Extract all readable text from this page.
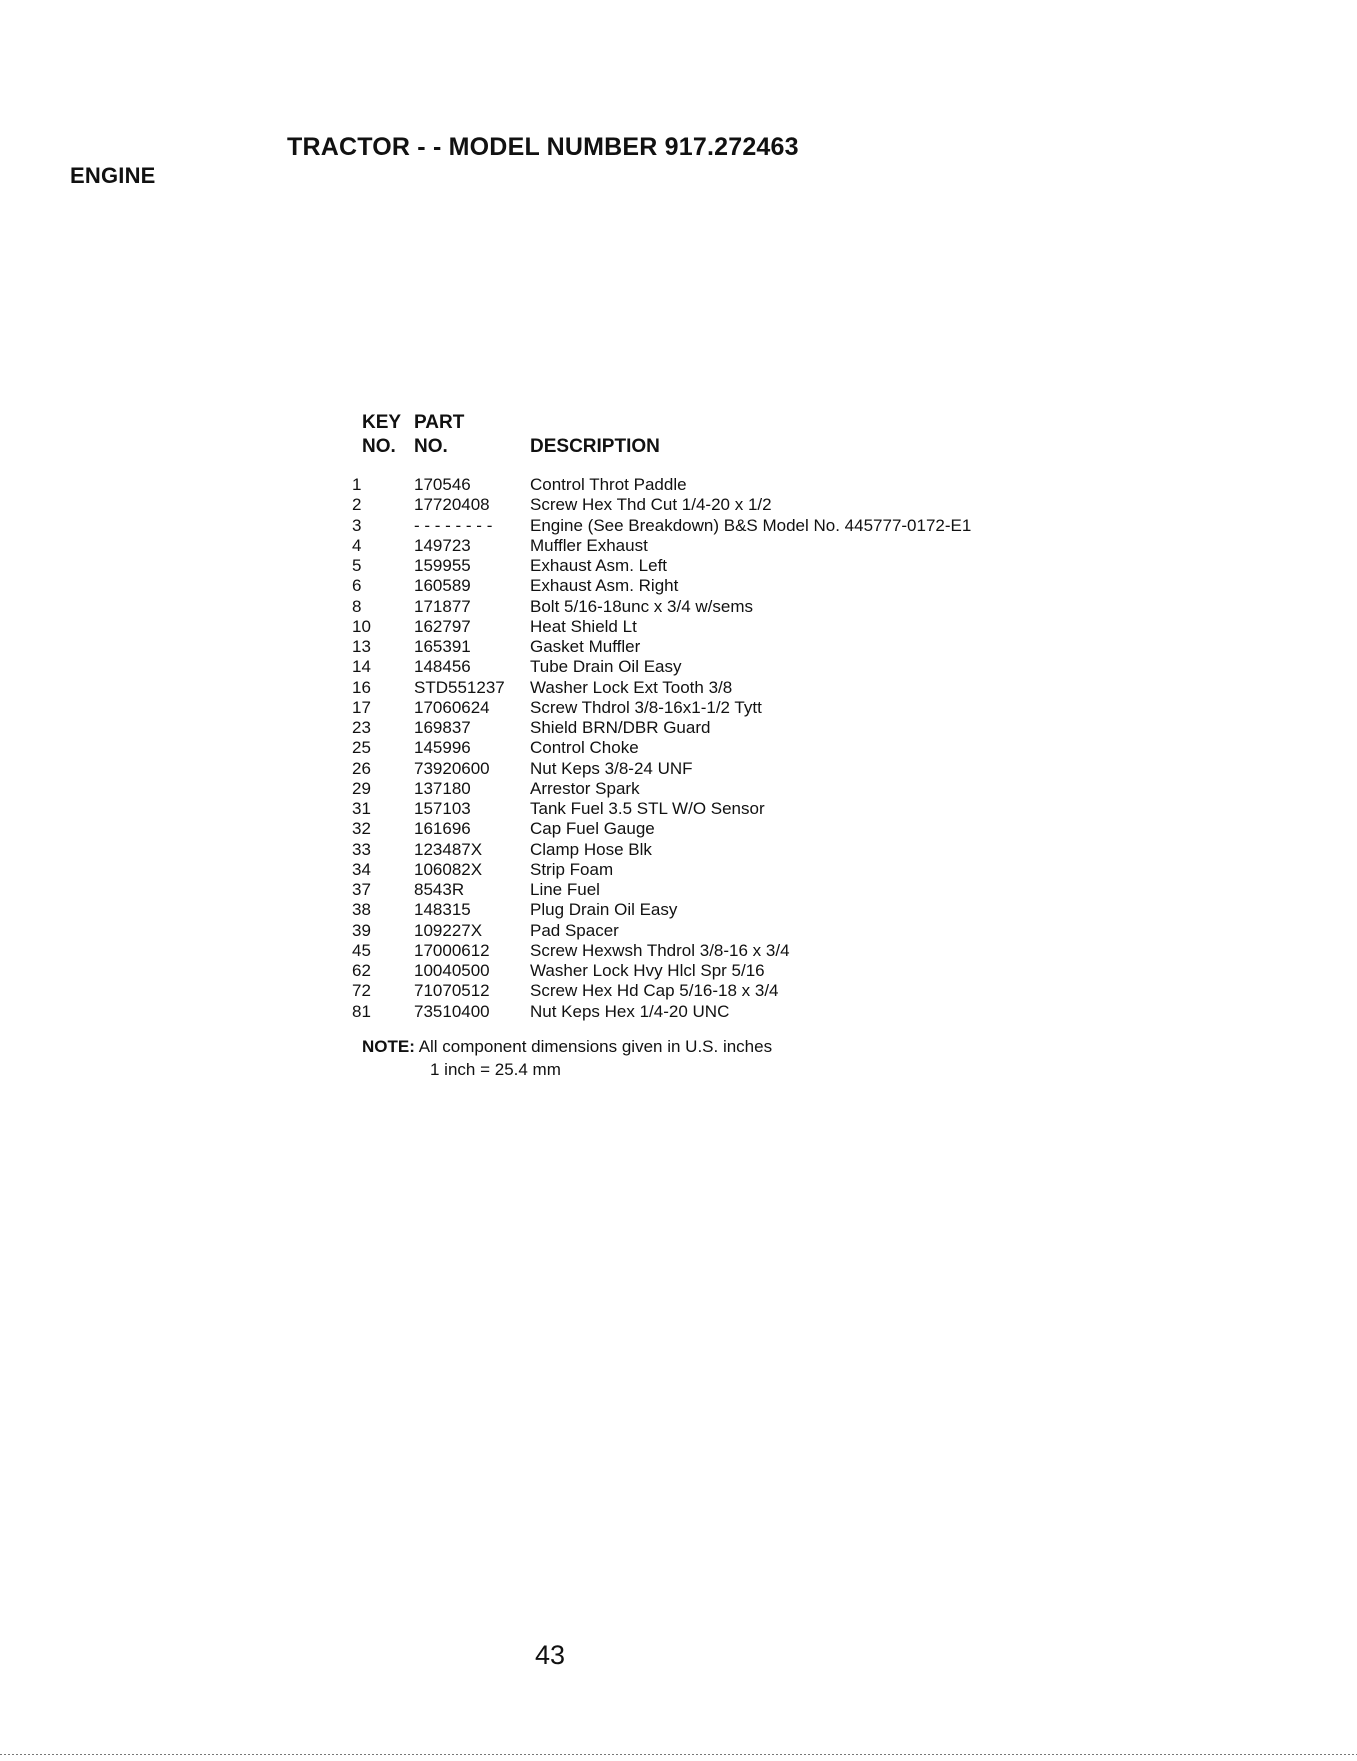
ENGINE
TRACTOR - - MODEL NUMBER 917.272463
KEY
NO.
PART
NO.	DESCRIPTION
1	170546	Control Throt Paddle
2	17720408 Screw Hex Thd Cut 1/4-20 x 1/2
3	- - - - - - - - Engine (See Breakdown) B&S Model No. 445777-0172-E1
4	149723	Muffler Exhaust
5	159955	Exhaust Asm. Left
6	160589	Exhaust Asm. Right
8	171877	Bolt 5/16-18unc x 3/4 w/sems
10	162797	Heat Shield Lt
13	165391	Gasket Muffler
14	148456	Tube Drain Oil Easy
16	STD551237 Washer Lock Ext Tooth 3/8
17	17060624 Screw Thdrol 3/8-16x1-1/2 Tytt
23	169837	Shield BRN/DBR Guard
25	145996	Control Choke
26	73920600 Nut Keps 3/8-24 UNF
29	137180	Arrestor Spark
31	157103	Tank Fuel 3.5 STL W/O Sensor
32	161696	Cap Fuel Gauge
33	123487X	Clamp Hose Blk
34	106082X	Strip Foam
37	8543R	Line Fuel
38	148315	Plug Drain Oil Easy
39	109227X	Pad Spacer
45	17000612 Screw Hexwsh Thdrol 3/8-16 x 3/4
62	10040500 Washer Lock Hvy Hlcl Spr 5/16
72	71070512 Screw Hex Hd Cap 5/16-18 x 3/4
81	73510400 Nut Keps Hex 1/4-20 UNC
NOTE: All component dimensions given in U.S. inches
1 inch = 25.4 mm
43
